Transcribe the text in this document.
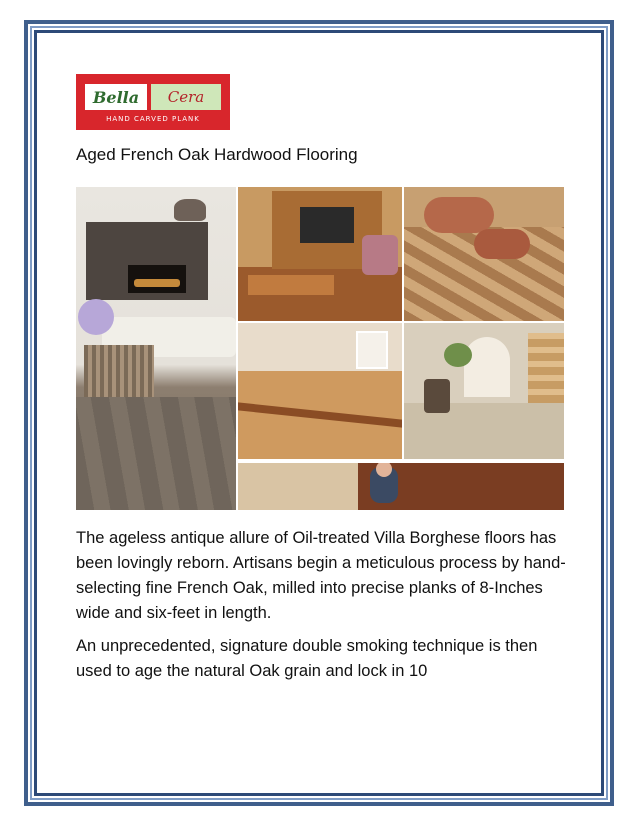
Bella Cera
HAND CARVED PLANK
Aged French Oak Hardwood Flooring

The ageless antique allure of Oil-treated Villa Borghese floors has been lovingly reborn. Artisans begin a meticulous process by hand-selecting fine French Oak, milled into precise planks of 8-Inches wide and six-feet in length.

An unprecedented, signature double smoking technique is then used to age the natural Oak grain and lock in 10
